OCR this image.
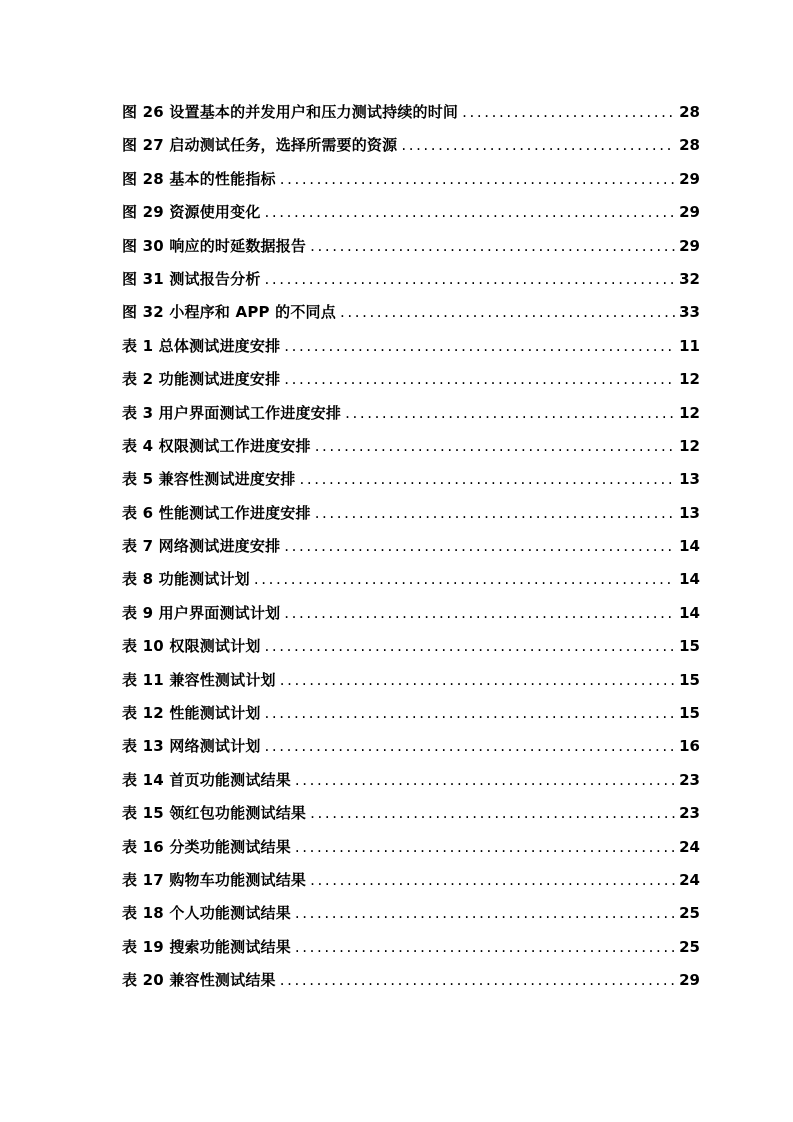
图 26 设置基本的并发用户和压力测试持续的时间 .....	28
图 27 启动测试任务，选择所需要的资源 .....	28
图 28 基本的性能指标 .....	29
图 29 资源使用变化 .....	29
图 30 响应的时延数据报告 .....	29
图 31 测试报告分析 .....	32
图 32 小程序和 APP 的不同点 .....	33
表 1 总体测试进度安排 .....	11
表 2 功能测试进度安排 .....	12
表 3 用户界面测试工作进度安排 .....	12
表 4 权限测试工作进度安排 .....	12
表 5 兼容性测试进度安排 .....	13
表 6 性能测试工作进度安排 .....	13
表 7 网络测试进度安排 .....	14
表 8 功能测试计划 .....	14
表 9 用户界面测试计划 .....	14
表 10 权限测试计划 .....	15
表 11 兼容性测试计划 .....	15
表 12 性能测试计划 .....	15
表 13 网络测试计划 .....	16
表 14 首页功能测试结果 .....	23
表 15 领红包功能测试结果 .....	23
表 16 分类功能测试结果 .....	24
表 17 购物车功能测试结果 .....	24
表 18 个人功能测试结果 .....	25
表 19 搜索功能测试结果 .....	25
表 20 兼容性测试结果 .....	29
